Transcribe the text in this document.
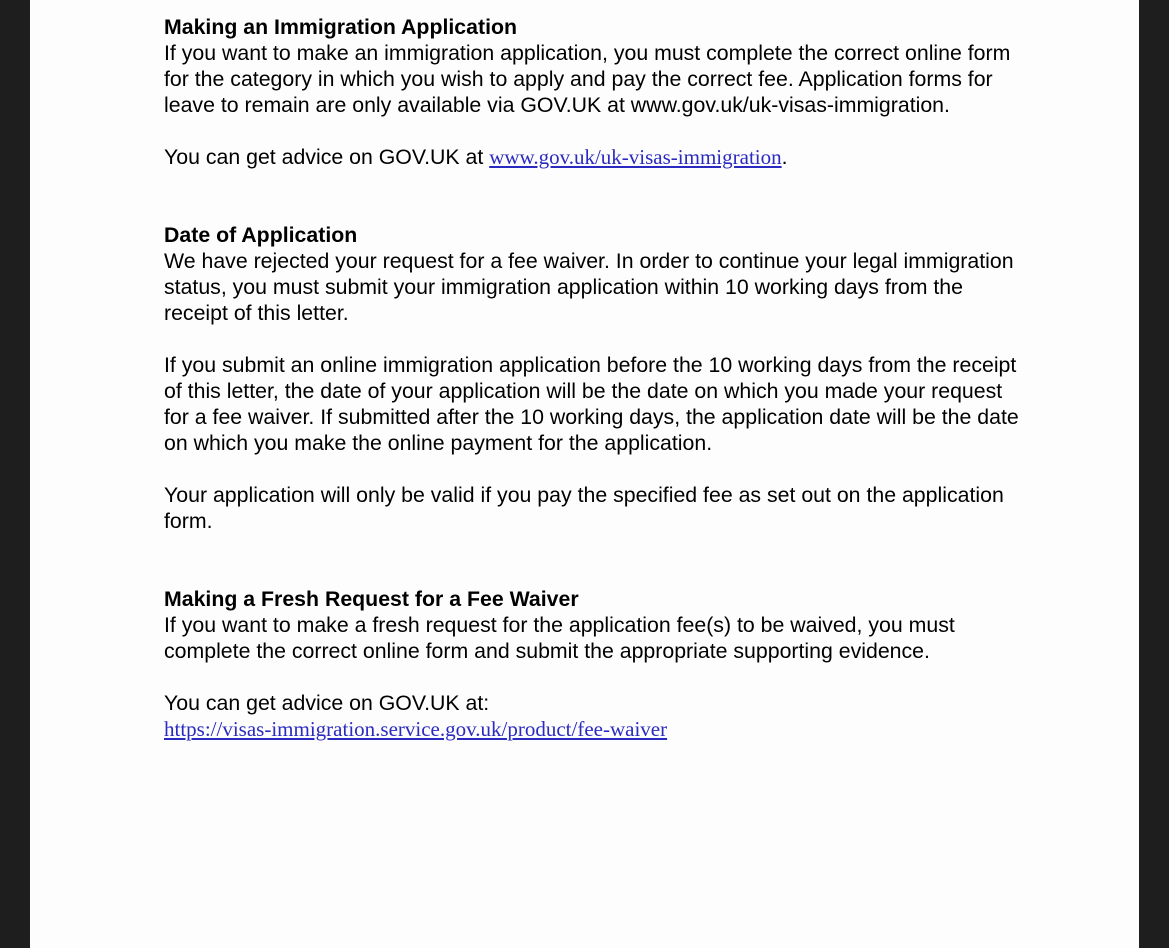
Making an Immigration Application

If you want to make an immigration application, you must complete the correct online form for the category in which you wish to apply and pay the correct fee. Application forms for leave to remain are only available via GOV.UK at www.gov.uk/uk-visas-immigration.

You can get advice on GOV.UK at www.gov.uk/uk-visas-immigration.

Date of Application

We have rejected your request for a fee waiver. In order to continue your legal immigration status, you must submit your immigration application within 10 working days from the receipt of this letter.

If you submit an online immigration application before the 10 working days from the receipt of this letter, the date of your application will be the date on which you made your request for a fee waiver. If submitted after the 10 working days, the application date will be the date on which you make the online payment for the application.

Your application will only be valid if you pay the specified fee as set out on the application form.

Making a Fresh Request for a Fee Waiver

If you want to make a fresh request for the application fee(s) to be waived, you must complete the correct online form and submit the appropriate supporting evidence.

You can get advice on GOV.UK at:

https://visas-immigration.service.gov.uk/product/fee-waiver
